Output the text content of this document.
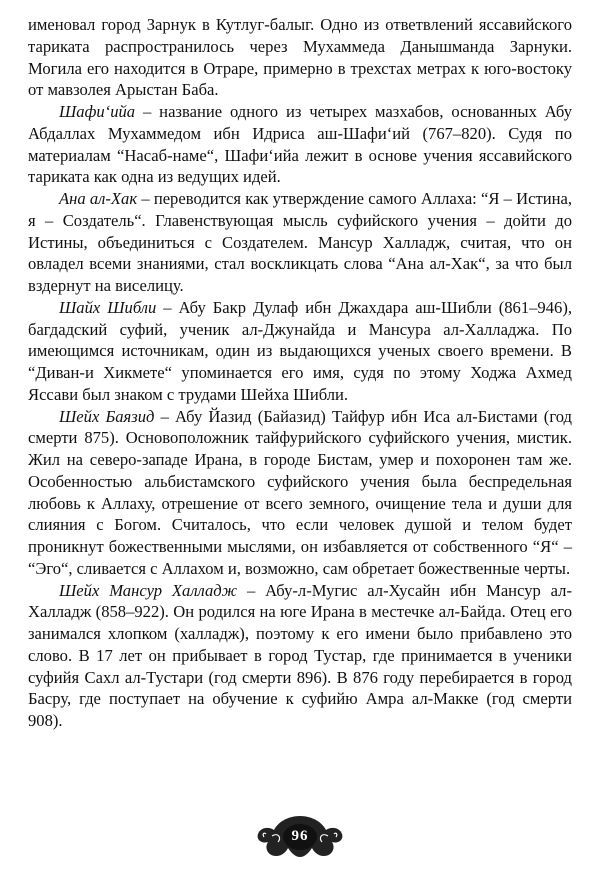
именовал город Зарнук в Кутлуг-балыг. Одно из ответвлений яссавийского тариката распространилось через Мухаммеда Данышманда Зарнуки. Могила его находится в Отраре, примерно в трехстах метрах к юго-востоку от мавзолея Арыстан Баба.

Шафи‘ийа – название одного из четырех мазхабов, основанных Абу Абдаллах Мухаммедом ибн Идриса аш-Шафи‘ий (767–820). Судя по материалам “Насаб-наме“, Шафи‘ийа лежит в основе учения яссавийского тариката как одна из ведущих идей.

Ана ал-Хак – переводится как утверждение самого Аллаха: “Я – Истина, я – Создатель“. Главенствующая мысль суфийского учения – дойти до Истины, объединиться с Создателем. Мансур Халладж, считая, что он овладел всеми знаниями, стал воскликцать слова “Ана ал-Хак“, за что был вздернут на виселицу.

Шайх Шибли – Абу Бакр Дулаф ибн Джахдара аш-Шибли (861–946), багдадский суфий, ученик ал-Джунайда и Мансура ал-Халладжа. По имеющимся источникам, один из выдающихся ученых своего времени. В “Диван-и Хикмете“ упоминается его имя, судя по этому Ходжа Ахмед Яссави был знаком с трудами Шейха Шибли.

Шейх Баязид – Абу Йазид (Байазид) Тайфур ибн Иса ал-Бистами (год смерти 875). Основоположник тайфурийского суфийского учения, мистик. Жил на северо-западе Ирана, в городе Бистам, умер и похоронен там же. Особенностью альбистамского суфийского учения была беспредельная любовь к Аллаху, отрешение от всего земного, очищение тела и души для слияния с Богом. Считалось, что если человек душой и телом будет проникнут божественными мыслями, он избавляется от собственного “Я“ – “Эго“, сливается с Аллахом и, возможно, сам обретает божественные черты.

Шейх Мансур Халладж – Абу-л-Мугис ал-Хусайн ибн Мансур ал-Халладж (858–922). Он родился на юге Ирана в местечке ал-Байда. Отец его занимался хлопком (халладж), поэтому к его имени было прибавлено это слово. В 17 лет он прибывает в город Тустар, где принимается в ученики суфийя Сахл ал-Тустари (год смерти 896). В 876 году перебирается в город Басру, где поступает на обучение к суфийю Амра ал-Макке (год смерти 908).

96
